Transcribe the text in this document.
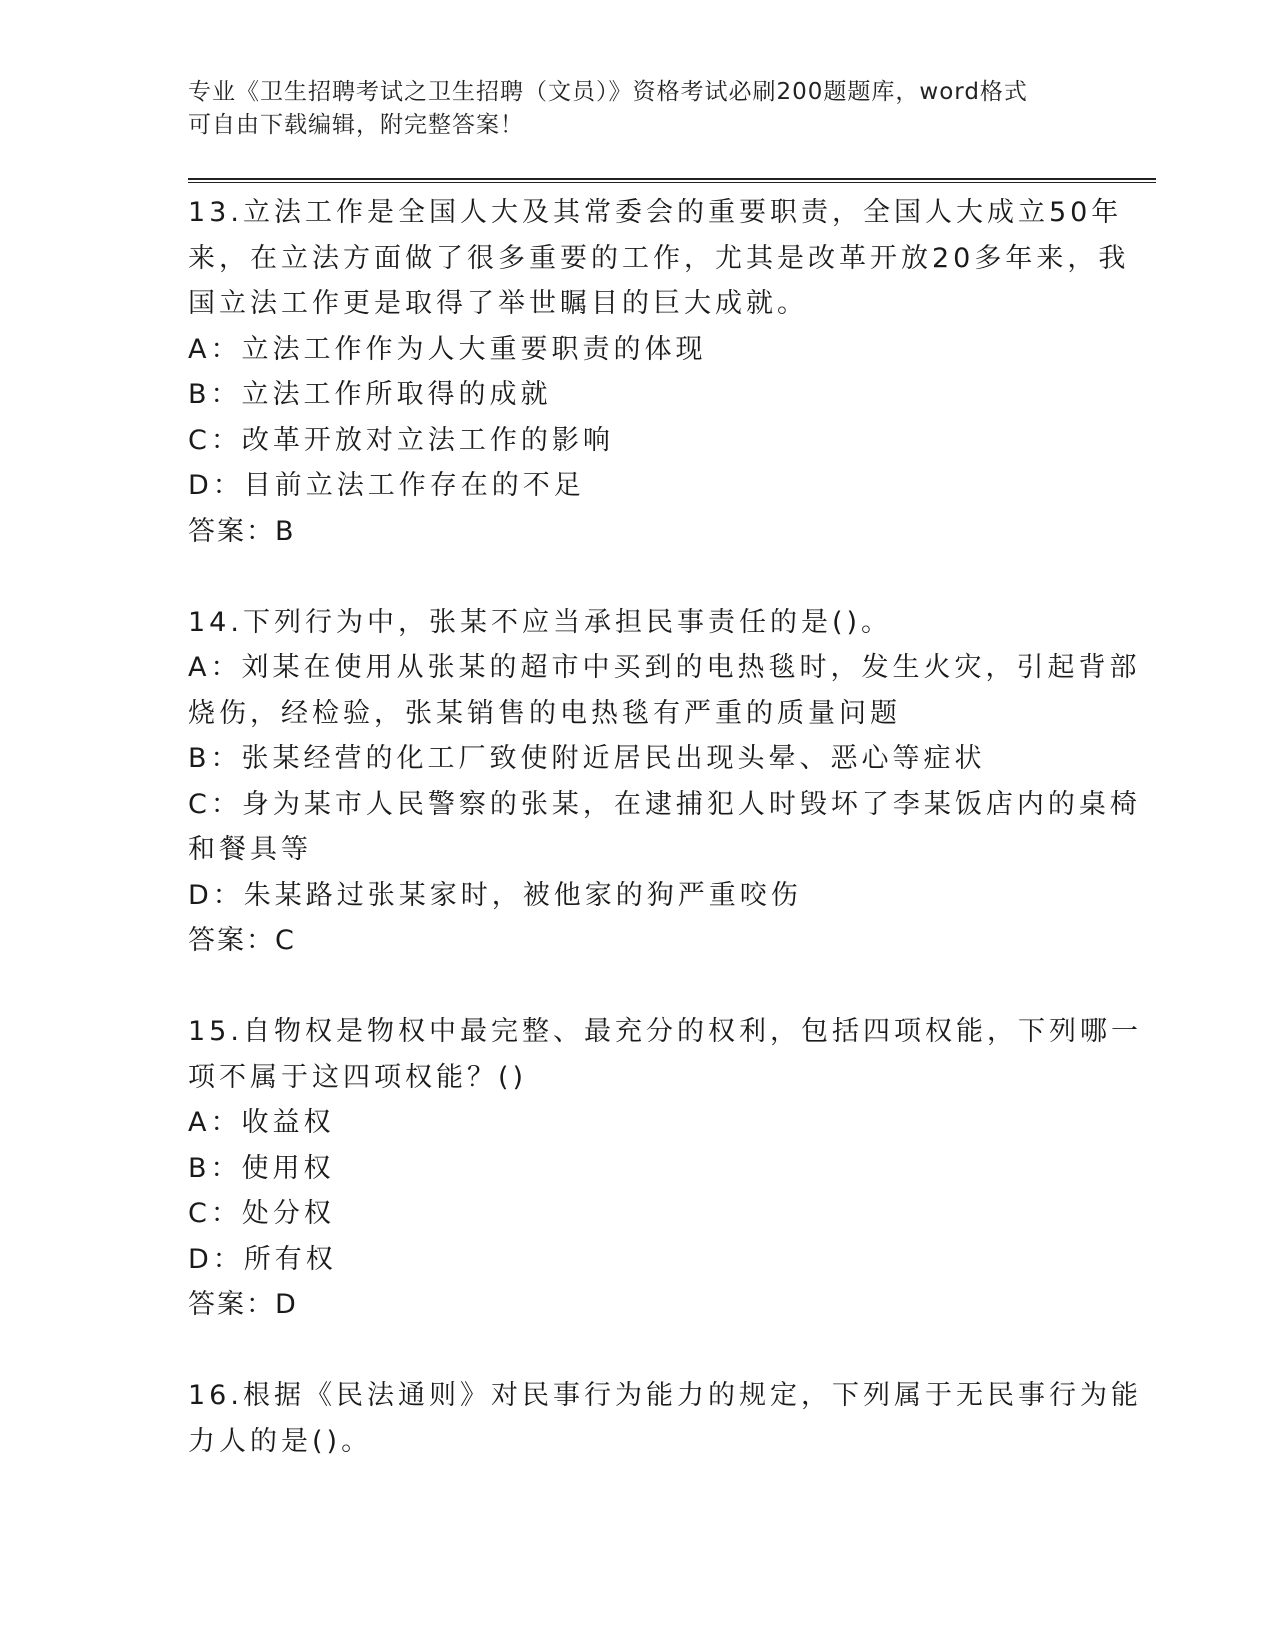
专业《卫生招聘考试之卫生招聘（文员）》资格考试必刷200题题库，word格式
可自由下载编辑，附完整答案！
13.立法工作是全国人大及其常委会的重要职责，全国人大成立50年
来，在立法方面做了很多重要的工作，尤其是改革开放20多年来，我
国立法工作更是取得了举世瞩目的巨大成就。
A：立法工作作为人大重要职责的体现
B：立法工作所取得的成就
C：改革开放对立法工作的影响
D：目前立法工作存在的不足
答案：B
14.下列行为中，张某不应当承担民事责任的是()。
A：刘某在使用从张某的超市中买到的电热毯时，发生火灾，引起背部
烧伤，经检验，张某销售的电热毯有严重的质量问题
B：张某经营的化工厂致使附近居民出现头晕、恶心等症状
C：身为某市人民警察的张某，在逮捕犯人时毁坏了李某饭店内的桌椅
和餐具等
D：朱某路过张某家时，被他家的狗严重咬伤
答案：C
15.自物权是物权中最完整、最充分的权利，包括四项权能，下列哪一
项不属于这四项权能？()
A：收益权
B：使用权
C：处分权
D：所有权
答案：D
16.根据《民法通则》对民事行为能力的规定，下列属于无民事行为能
力人的是()。
